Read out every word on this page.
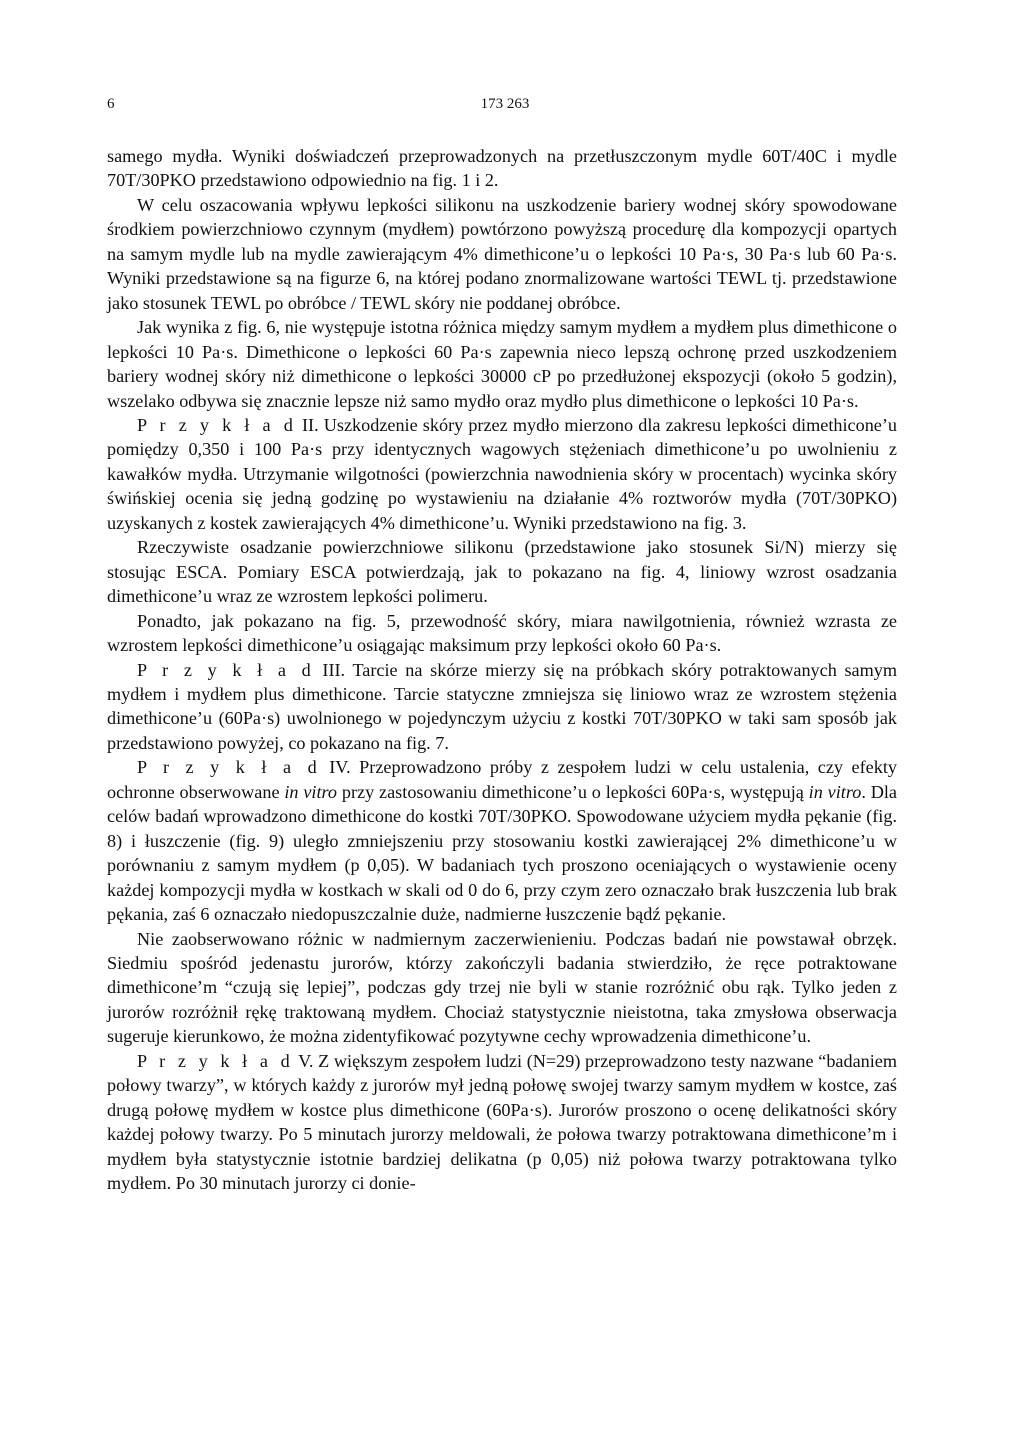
6	173 263

samego mydła. Wyniki doświadczeń przeprowadzonych na przetłuszczonym mydle 60T/40C i mydle 70T/30PKO przedstawiono odpowiednio na fig. 1 i 2.

W celu oszacowania wpływu lepkości silikonu na uszkodzenie bariery wodnej skóry spowodowane środkiem powierzchniowo czynnym (mydłem) powtórzono powyższą procedurę dla kompozycji opartych na samym mydle lub na mydle zawierającym 4% dimethicone’u o lepkości 10 Pa·s, 30 Pa·s lub 60 Pa·s. Wyniki przedstawione są na figurze 6, na której podano znormalizowane wartości TEWL tj. przedstawione jako stosunek TEWL po obróbce / TEWL skóry nie poddanej obróbce.

Jak wynika z fig. 6, nie występuje istotna różnica między samym mydłem a mydłem plus dimethicone o lepkości 10 Pa·s. Dimethicone o lepkości 60 Pa·s zapewnia nieco lepszą ochronę przed uszkodzeniem bariery wodnej skóry niż dimethicone o lepkości 30000 cP po przedłużonej ekspozycji (około 5 godzin), wszelako odbywa się znacznie lepsze niż samo mydło oraz mydło plus dimethicone o lepkości 10 Pa·s.

P r z y k ł a d II. Uszkodzenie skóry przez mydło mierzono dla zakresu lepkości dimethicone’u pomiędzy 0,350 i 100 Pa·s przy identycznych wagowych stężeniach dimethicone’u po uwolnieniu z kawałków mydła. Utrzymanie wilgotności (powierzchnia nawodnienia skóry w procentach) wycinka skóry świńskiej ocenia się jedną godzinę po wystawieniu na działanie 4% roztworów mydła (70T/30PKO) uzyskanych z kostek zawierających 4% dimethicone’u. Wyniki przedstawiono na fig. 3.

Rzeczywiste osadzanie powierzchniowe silikonu (przedstawione jako stosunek Si/N) mierzy się stosując ESCA. Pomiary ESCA potwierdzają, jak to pokazano na fig. 4, liniowy wzrost osadzania dimethicone’u wraz ze wzrostem lepkości polimeru.

Ponadto, jak pokazano na fig. 5, przewodność skóry, miara nawilgotnienia, również wzrasta ze wzrostem lepkości dimethicone’u osiągając maksimum przy lepkości około 60 Pa·s.

P r z y k ł a d III. Tarcie na skórze mierzy się na próbkach skóry potraktowanych samym mydłem i mydłem plus dimethicone. Tarcie statyczne zmniejsza się liniowo wraz ze wzrostem stężenia dimethicone’u (60Pa·s) uwolnionego w pojedynczym użyciu z kostki 70T/30PKO w taki sam sposób jak przedstawiono powyżej, co pokazano na fig. 7.

P r z y k ł a d IV. Przeprowadzono próby z zespołem ludzi w celu ustalenia, czy efekty ochronne obserwowane in vitro przy zastosowaniu dimethicone’u o lepkości 60Pa·s, występują in vitro. Dla celów badań wprowadzono dimethicone do kostki 70T/30PKO. Spowodowane użyciem mydła pękanie (fig. 8) i łuszczenie (fig. 9) uległo zmniejszeniu przy stosowaniu kostki zawierającej 2% dimethicone’u w porównaniu z samym mydłem (p 0,05). W badaniach tych proszono oceniających o wystawienie oceny każdej kompozycji mydła w kostkach w skali od 0 do 6, przy czym zero oznaczało brak łuszczenia lub brak pękania, zaś 6 oznaczało niedopuszczalnie duże, nadmierne łuszczenie bądź pękanie.

Nie zaobserwowano różnic w nadmiernym zaczerwienieniu. Podczas badań nie powstawał obrzęk. Siedmiu spośród jedenastu jurorów, którzy zakończyli badania stwierdziło, że ręce potraktowane dimethicone’m “czują się lepiej”, podczas gdy trzej nie byli w stanie rozróżnić obu rąk. Tylko jeden z jurorów rozróżnił rękę traktowaną mydłem. Chociaż statystycznie nieistotna, taka zmysłowa obserwacja sugeruje kierunkowo, że można zidentyfikować pozytywne cechy wprowadzenia dimethicone’u.

P r z y k ł a d V. Z większym zespołem ludzi (N=29) przeprowadzono testy nazwane “badaniem połowy twarzy”, w których każdy z jurorów mył jedną połowę swojej twarzy samym mydłem w kostce, zaś drugą połowę mydłem w kostce plus dimethicone (60Pa·s). Jurorów proszono o ocenę delikatności skóry każdej połowy twarzy. Po 5 minutach jurorzy meldowali, że połowa twarzy potraktowana dimethicone’m i mydłem była statystycznie istotnie bardziej delikatna (p 0,05) niż połowa twarzy potraktowana tylko mydłem. Po 30 minutach jurorzy ci donie-
